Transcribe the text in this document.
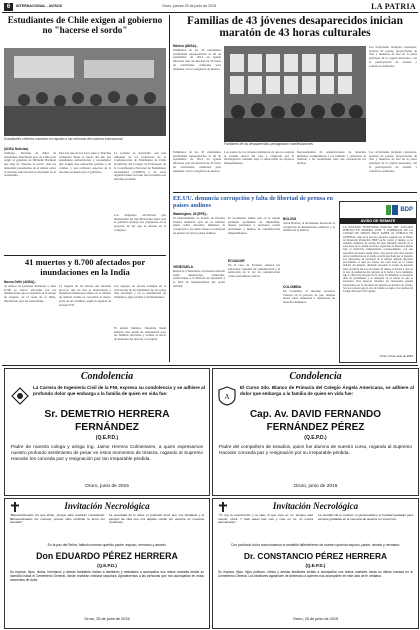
6	INTERNACIONAL - AVISOS	Oruro, jueves 25 de junio de 2015	LA PATRIA
Estudiantes de Chile exigen al gobierno no "hacerse el sordo"
Estudiantes chilenos marchan en repudio a las reformas del sistema educacional
(ANSA Noticias)
Santiago.- Decenas de miles de estudiantes marcharon ayer en Chile para exigir al gobierno de Michelle Bachelet que deje de "hacerse el sordo" ante las demandas presentadas en el debate sobre la reforma educacional en discusión en el parlamento.
Este fue uno de los trece paros y marchas realizados desde el inicio del año por estudiantes universitarios y secundarios que exigen una educación gratuita y de calidad, y que rechazan aspectos de la reforma propuesta por el gobierno.
La jornada se desarrolló con una adhesión de los profesores de la Confederación de Estudiantes de Chile (Confech), del Colegio de Profesores, de la Coordinadora Nacional de Estudiantes Secundarios (CONES) y de otras organizaciones sociales que reclaman una reforma profunda.
Los dirigentes advirtieron que mantendrán las movilizaciones hasta que el gobierno incluya sus propuestas en el proyecto de ley que se discute en el Congreso.
41 muertos y 8.700 afectados por inundaciones en la India
Nueva Delhi (ANSA).-
Al menos 41 personas murieron y unas 8.700 se vieron afectadas por las inundaciones que se registran en el estado de Gujarat, en el oeste de la India, informaron ayer las autoridades.
La llegada de las lluvias del monzón provocó que los ríos se desbordaran e inundaran numerosas aldeas en el distrito de Amreli, donde se concentra la mayor parte de las víctimas, según la agencia de noticias PTI.
Los equipos de rescate trabajan en la evacuación de los habitantes de las zonas más afectadas y en la distribución de alimentos, agua potable y medicamentos.
El primer ministro Narendra Modi anunció una ayuda de emergencia para las familias afectadas y ordenó el envío de unidades del ejército a la región.
Familias de 43 jóvenes desaparecidos inician maratón de 43 horas culturales
México (ANSA).-
Familiares de los 43 estudiantes normalistas desaparecidos el 26 de septiembre de 2014 en Iguala iniciaron ayer un maratón de 43 horas de actividades culturales para mantener viva la exigencia de justicia.
Las actividades incluyen conciertos, lecturas de poesía, proyecciones de cine y muestras de arte en la plaza principal de la capital mexicana, con la participación de artistas y colectivos solidarios.
Familiares de los desaparecidos protagonizan manifestaciones
Los padres de los jóvenes insistieron en que no aceptan la versión oficial del caso y exigieron que la investigación continúe bajo la supervisión de expertos independientes.
Representantes de organizaciones de derechos humanos acompañaron a las familias y reiteraron su llamado a las autoridades para que esclarezcan los hechos.
Familiares de los 43 estudiantes normalistas desaparecidos el 26 de septiembre de 2014 en Iguala iniciaron ayer un maratón de 43 horas de actividades culturales para mantener viva la exigencia de justicia.
Las actividades incluyen conciertos, lecturas de poesía, proyecciones de cine y muestras de arte en la plaza principal de la capital mexicana, con la participación de artistas y colectivos solidarios.
EE.UU. denuncia corrupción y falta de libertad de prensa en países andinos
Washington, 25 (EFE).-
El Departamento de Estado de Estados Unidos denunció ayer en su informe anual sobre derechos humanos la corrupción y las restricciones a la libertad de prensa en varios países andinos.
VENEZUELA
Respecto a Venezuela, el informe advierte sobre detenciones arbitrarias, restricciones a la libertad de expresión y la falta de independencia del poder judicial.
El documento señala que en la región persisten problemas de impunidad, abusos policiales y presiones contra periodistas y medios de comunicación independientes.
ECUADOR
En el caso de Ecuador, destaca las sanciones a medios de comunicación y la aplicación de la ley de comunicación contra periodistas críticos.
BOLIVIA
Sobre Bolivia, el documento menciona la corrupción en instituciones públicas y la lentitud de la justicia.
COLOMBIA
En Colombia, el informe reconoce avances en el proceso de paz, aunque alerta sobre amenazas a defensores de derechos humanos.
BDP
AVISO DE REMATE
LA SUSCRITA SECRETARIA JUDICIAL DEL JUZGADO PÚBLICO EN MATERIA CIVIL Y COMERCIAL DE LA CIUDAD DE ORURO HACE SABER AL PÚBLICO EN GENERAL: Que en el proceso ejecutivo seguido por el Banco de Desarrollo Productivo BDP S.A.M. contra el deudor, se ha señalado audiencia de remate del bien inmueble ubicado en la zona norte de la ciudad de Oruro, registrado en Derechos Reales bajo la matrícula computarizada correspondiente, con una superficie de terreno según título, cuyo precio base de la subasta será el establecido en el avalúo pericial aprobado por el juzgado. Los interesados en participar de la subasta deberán depositar previamente el diez por ciento del valor base en la cuenta judicial del juzgado, debiendo presentar la boleta de depósito antes del inicio del acto de remate. El remate se llevará a cabo en la sala de audiencias del juzgado en la fecha y hora señaladas, bajo la dirección del juez de la causa. El inmueble se encuentra libre de gravámenes y se entregará en el estado en que se encuentra. Para mayores informes los interesados pueden apersonarse por la secretaría del juzgado en horarios de oficina. Se hace conocer que el acto de remate se sujeta a las normas del Código Procesal Civil vigente.
Oruro, 24 de junio de 2015
Condolencia
La Carrera de Ingeniería Civil de la FNI, expresa su condolencia y se adhiere al profundo dolor que embarga a la familia de quien en vida fue:
Sr. DEMETRIO HERRERA
FERNÁNDEZ
(Q.E.P.D.)
Padre de nuestra colega y amiga Ing. Jaime Herrera Colmenares, a quien expresamos nuestro profundo sentimiento de pesar en estos momentos de tristeza, rogando al Supremo Hacedor les conceda paz y resignación por tan irreparable pérdida.
Oruro, junio de 2015
Condolencia
A
El Curso 2do. Blanco de Primaria del Colegio Ángela Americana, se adhiere al dolor que embarga a la familia de quien en vida fue:
Cap. Av. DAVID FERNANDO
FERNÁNDEZ PÉREZ
(Q.E.P.D.)
Padre del compañero de estudios, quien fue alumno de nuestro curso, rogando al Supremo Hacedor conceda paz y resignación por su irreparable pérdida.
Oruro, junio de 2015
Invitación Necrológica
"Bienaventurados los que lloran, porque ellos recibirán consolación. Bienaventurados los mansos, porque ellos recibirán la tierra por heredad."
La serenidad de tu alma, el profundo amor que nos brindaste y el ejemplo de vida que nos dejaste vivirán por siempre en nuestros corazones.
En la paz del Señor, falleció nuestro querido padre, esposo, hermano y abuelo:
Don EDUARDO PÉREZ HERRERA
(Q.E.P.D.)
Su esposa, hijos, nietos, hermanos y demás familiares invitan a familiares y amistades a acompañar sus restos mortales desde su domicilio hasta el Cementerio General, donde recibirán cristiana sepultura. Agradecemos a las personas que nos acompañan en estos momentos de dolor.
Oruro, 25 de junio de 2015
Invitación Necrológica
"Yo soy la resurrección y la vida; el que cree en mí, aunque esté muerto, vivirá. Y todo aquel que vive y cree en mí, no morirá eternamente."
La sencillez de tu corazón, tu generosidad y tu bondad quedarán para siempre grabadas en la memoria de quienes te conocimos.
Con profundo dolor comunicamos el sensible fallecimiento de nuestro querido esposo, padre, abuelo y hermano:
Dr. CONSTANCIO PÉREZ HERRERA
(Q.E.P.D.)
Su esposa, hijos, hijos políticos, nietos y demás familiares invitan a acompañar sus restos mortales hasta su última morada en el Cementerio General. Los familiares agradecen de antemano a quienes nos acompañen en este acto de fe cristiana.
Oruro, 25 de junio de 2015
